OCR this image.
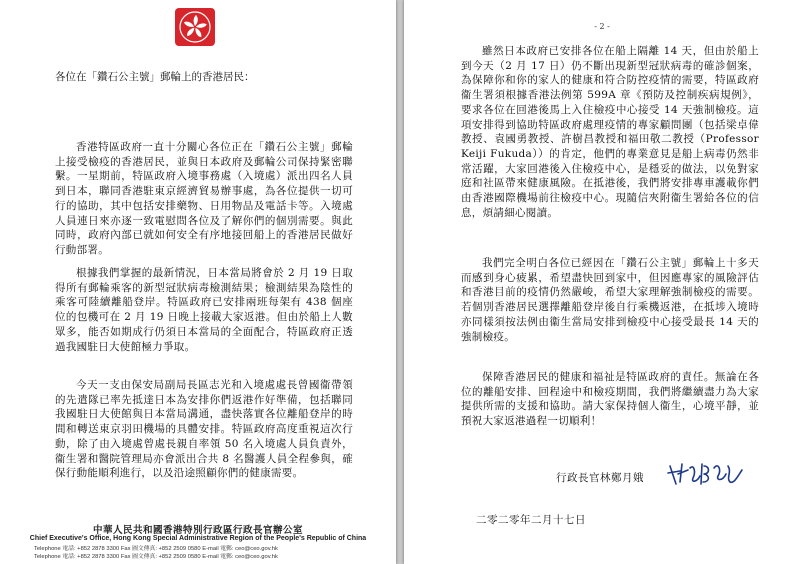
各位在「鑽石公主號」郵輪上的香港居民：

香港特區政府一直十分關心各位正在「鑽石公主號」郵輪上接受檢疫的香港居民，並與日本政府及郵輪公司保持緊密聯繫。一星期前，特區政府入境事務處（入境處）派出四名人員到日本，聯同香港駐東京經濟貿易辦事處，為各位提供一切可行的協助，其中包括安排藥物、日用物品及電話卡等。入境處人員連日來亦逐一致電慰問各位及了解你們的個別需要。與此同時，政府內部已就如何安全有序地接回船上的香港居民做好行動部署。

根據我們掌握的最新情況，日本當局將會於 2 月 19 日取得所有郵輪乘客的新型冠狀病毒檢測結果；檢測結果為陰性的乘客可陸續離船登岸。特區政府已安排兩班每架有 438 個座位的包機可在 2 月 19 日晚上接載大家返港。但由於船上人數眾多，能否如期成行仍須日本當局的全面配合，特區政府正透過我國駐日大使館極力爭取。

今天一支由保安局副局長區志光和入境處處長曾國衞帶領的先遣隊已率先抵達日本為安排你們返港作好準備，包括聯同我國駐日大使館與日本當局溝通，盡快落實各位離船登岸的時間和轉送東京羽田機場的具體安排。特區政府高度重視這次行動，除了由入境處曾處長親自率領 50 名入境處人員負責外，衞生署和醫院管理局亦會派出合共 8 名醫護人員全程參與，確保行動能順利進行，以及沿途照顧你們的健康需要。

中華人民共和國香港特別行政區行政長官辦公室
Chief Executive's Office, Hong Kong Special Administrative Region of the People's Republic of China
Telephone 電話: +852 2878 3300 Fax 圖文傳真: +852 2509 0580 E-mail 電郵: ceo@ceo.gov.hk
Telephone 電話: +852 2878 3300 Fax 圖文傳真: +852 2509 0580 E-mail 電郵: ceo@ceo.gov.hk
- 2 -

雖然日本政府已安排各位在船上隔離 14 天，但由於船上到今天（2 月 17 日）仍不斷出現新型冠狀病毒的確診個案，為保障你和你的家人的健康和符合防控疫情的需要，特區政府衞生署須根據香港法例第 599A 章《預防及控制疾病規例》，要求各位在回港後馬上入住檢疫中心接受 14 天強制檢疫。這項安排得到協助特區政府處理疫情的專家顧問團（包括梁卓偉教授、袁國勇教授、許樹昌教授和福田敬二教授（Professor Keiji Fukuda））的肯定，他們的專業意見是船上病毒仍然非常活躍，大家回港後入住檢疫中心，是穩妥的做法，以免對家庭和社區帶來健康風險。在抵港後，我們將安排專車護載你們由香港國際機場前往檢疫中心。現隨信夾附衞生署給各位的信息，煩請細心閱讀。

我們完全明白各位已經因在「鑽石公主號」郵輪上十多天而感到身心疲累，希望盡快回到家中，但因應專家的風險評估和香港目前的疫情仍然嚴峻，希望大家理解強制檢疫的需要。若個別香港居民選擇離船登岸後自行乘機返港，在抵埗入境時亦同樣須按法例由衞生當局安排到檢疫中心接受最長 14 天的強制檢疫。

保障香港居民的健康和福祉是特區政府的責任。無論在各位的離船安排、回程途中和檢疫期間，我們將繼續盡力為大家提供所需的支援和協助。請大家保持個人衞生，心境平靜，並預祝大家返港過程一切順利！

行政長官林鄭月娥
二零二零年二月十七日
